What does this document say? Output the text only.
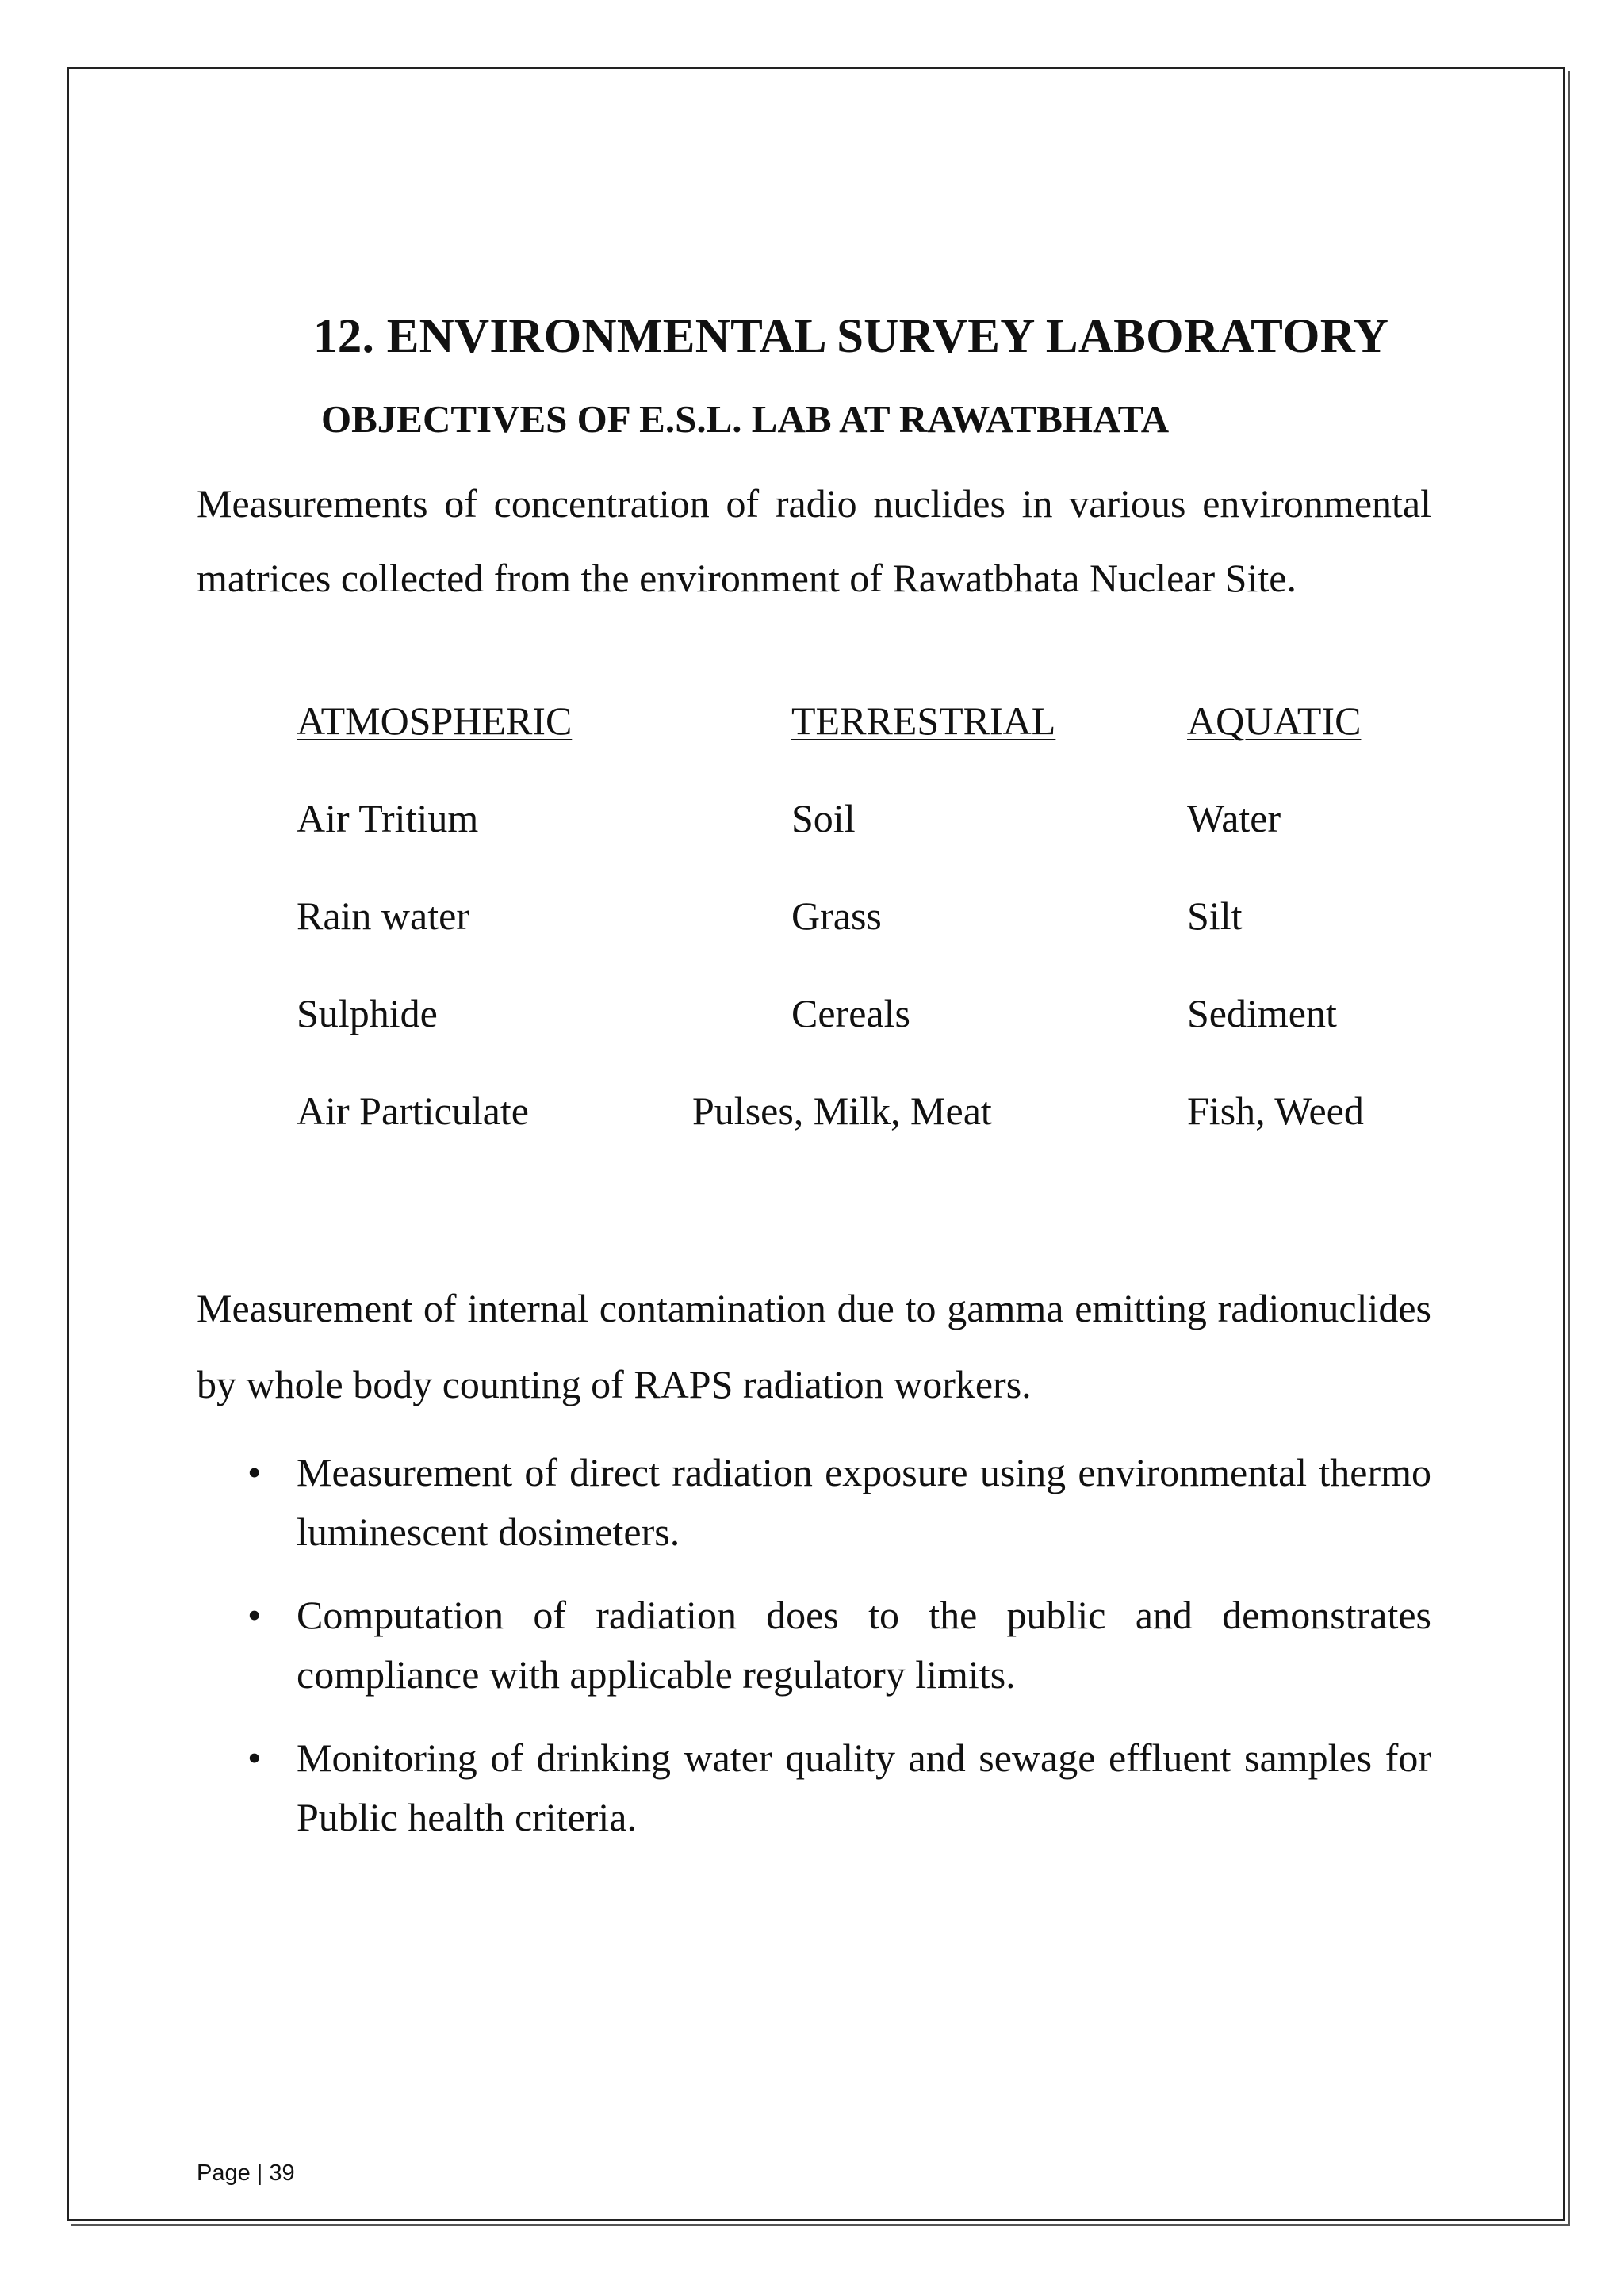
12. ENVIRONMENTAL SURVEY LABORATORY
OBJECTIVES OF E.S.L. LAB AT RAWATBHATA
Measurements of concentration of radio nuclides in various environmental matrices collected from the environment of Rawatbhata Nuclear Site.
ATMOSPHERIC	TERRESTRIAL	AQUATIC
Air Tritium	Soil	Water
Rain water	Grass	Silt
Sulphide	Cereals	Sediment
Air Particulate	Pulses, Milk, Meat	Fish, Weed
Measurement of internal contamination due to gamma emitting radionuclides by whole body counting of RAPS radiation workers.
• Measurement of direct radiation exposure using environmental thermo luminescent dosimeters.
• Computation of radiation does to the public and demonstrates compliance with applicable regulatory limits.
• Monitoring of drinking water quality and sewage effluent samples for Public health criteria.
Page | 39
